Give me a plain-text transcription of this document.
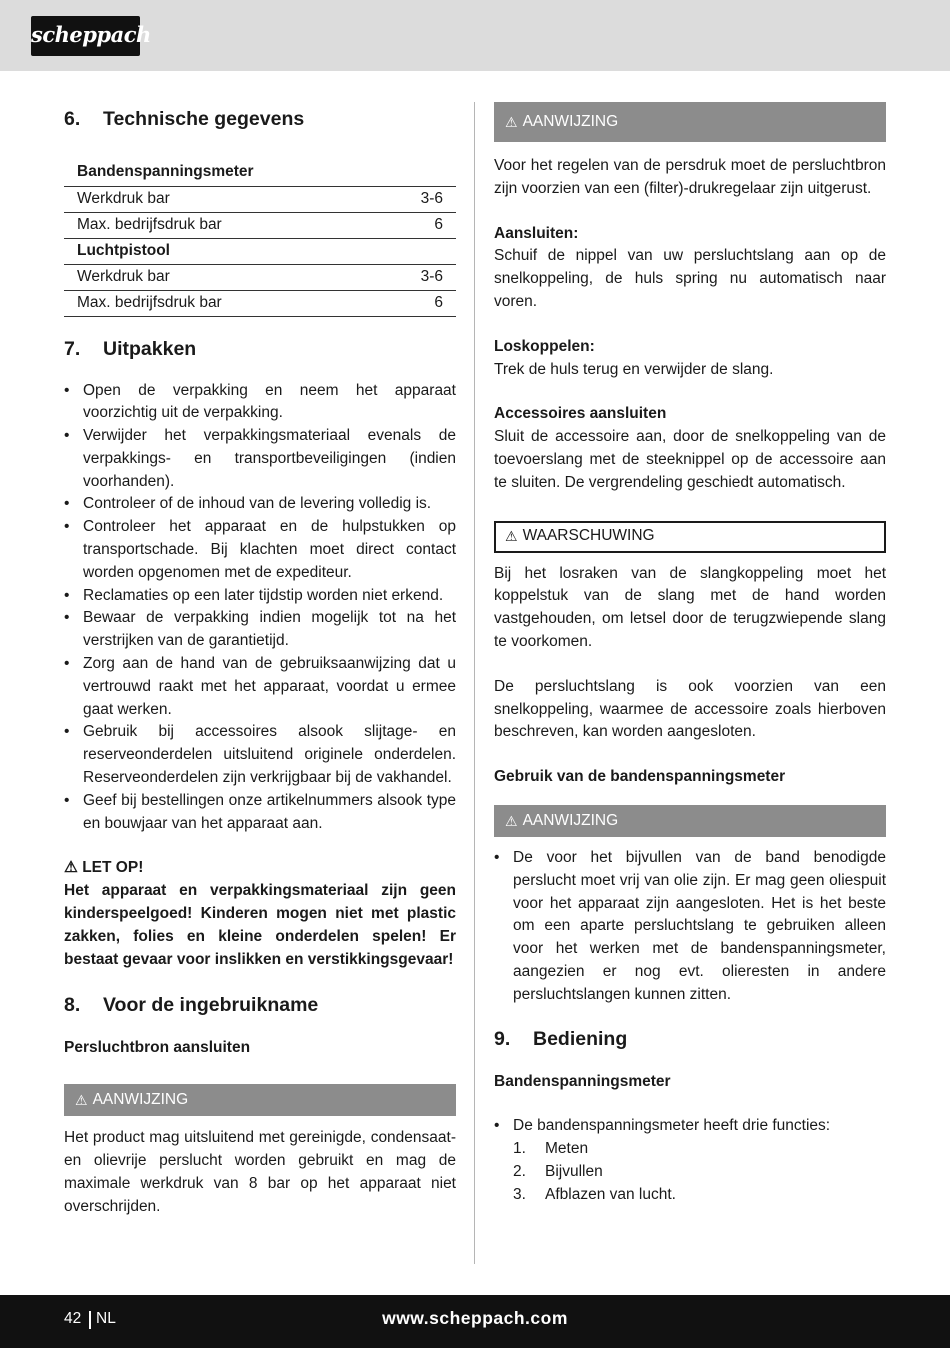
scheppach
6.	Technische gegevens
Bandenspanningsmeter	
Werkdruk bar	3-6
Max. bedrijfsdruk bar	6
Luchtpistool	
Werkdruk bar	3-6
Max. bedrijfsdruk bar	6
7.	Uitpakken
• Open de verpakking en neem het apparaat voorzichtig uit de verpakking.
• Verwijder het verpakkingsmateriaal evenals de verpakkings- en transportbeveiligingen (indien voorhanden).
• Controleer of de inhoud van de levering volledig is.
• Controleer het apparaat en de hulpstukken op transportschade. Bij klachten moet direct contact worden opgenomen met de expediteur.
• Reclamaties op een later tijdstip worden niet erkend.
• Bewaar de verpakking indien mogelijk tot na het verstrijken van de garantietijd.
• Zorg aan de hand van de gebruiksaanwijzing dat u vertrouwd raakt met het apparaat, voordat u ermee gaat werken.
• Gebruik bij accessoires alsook slijtage- en reserveonderdelen uitsluitend originele onderdelen. Reserveonderdelen zijn verkrijgbaar bij de vakhandel.
• Geef bij bestellingen onze artikelnummers alsook type en bouwjaar van het apparaat aan.
⚠ LET OP!

Het apparaat en verpakkingsmateriaal zijn geen kinderspeelgoed! Kinderen mogen niet met plastic zakken, folies en kleine onderdelen spelen! Er bestaat gevaar voor inslikken en verstikkingsgevaar!

8.	Voor de ingebruikname

Persluchtbron aansluiten

⚠ AANWIJZING

Het product mag uitsluitend met gereinigde, condensaat- en olievrije perslucht worden gebruikt en mag de maximale werkdruk van 8 bar op het apparaat niet overschrijden.

⚠ AANWIJZING

Voor het regelen van de persdruk moet de persluchtbron zijn voorzien van een (filter)-drukregelaar zijn uitgerust.

Aansluiten:

Schuif de nippel van uw persluchtslang aan op de snelkoppeling, de huls spring nu automatisch naar voren.

Loskoppelen:

Trek de huls terug en verwijder de slang.

Accessoires aansluiten

Sluit de accessoire aan, door de snelkoppeling van de toevoerslang met de steeknippel op de accessoire aan te sluiten. De vergrendeling geschiedt automatisch.

⚠ WAARSCHUWING

Bij het losraken van de slangkoppeling moet het koppelstuk van de slang met de hand worden vastgehouden, om letsel door de terugzwiepende slang te voorkomen.

De persluchtslang is ook voorzien van een snelkoppeling, waarmee de accessoire zoals hierboven beschreven, kan worden aangesloten.

Gebruik van de bandenspanningsmeter

⚠ AANWIJZING
• De voor het bijvullen van de band benodigde perslucht moet vrij van olie zijn. Er mag geen oliespuit voor het apparaat zijn aangesloten. Het is het beste om een aparte persluchtslang te gebruiken alleen voor het werken met de bandenspanningsmeter, aangezien er nog evt. olieresten in andere persluchtslangen kunnen zitten.
9.	Bediening

Bandenspanningsmeter

• De bandenspanningsmeter heeft drie functies:
1.	Meten
2.	Bijvullen
3.	Afblazen van lucht.
42 NL	www.scheppach.com
